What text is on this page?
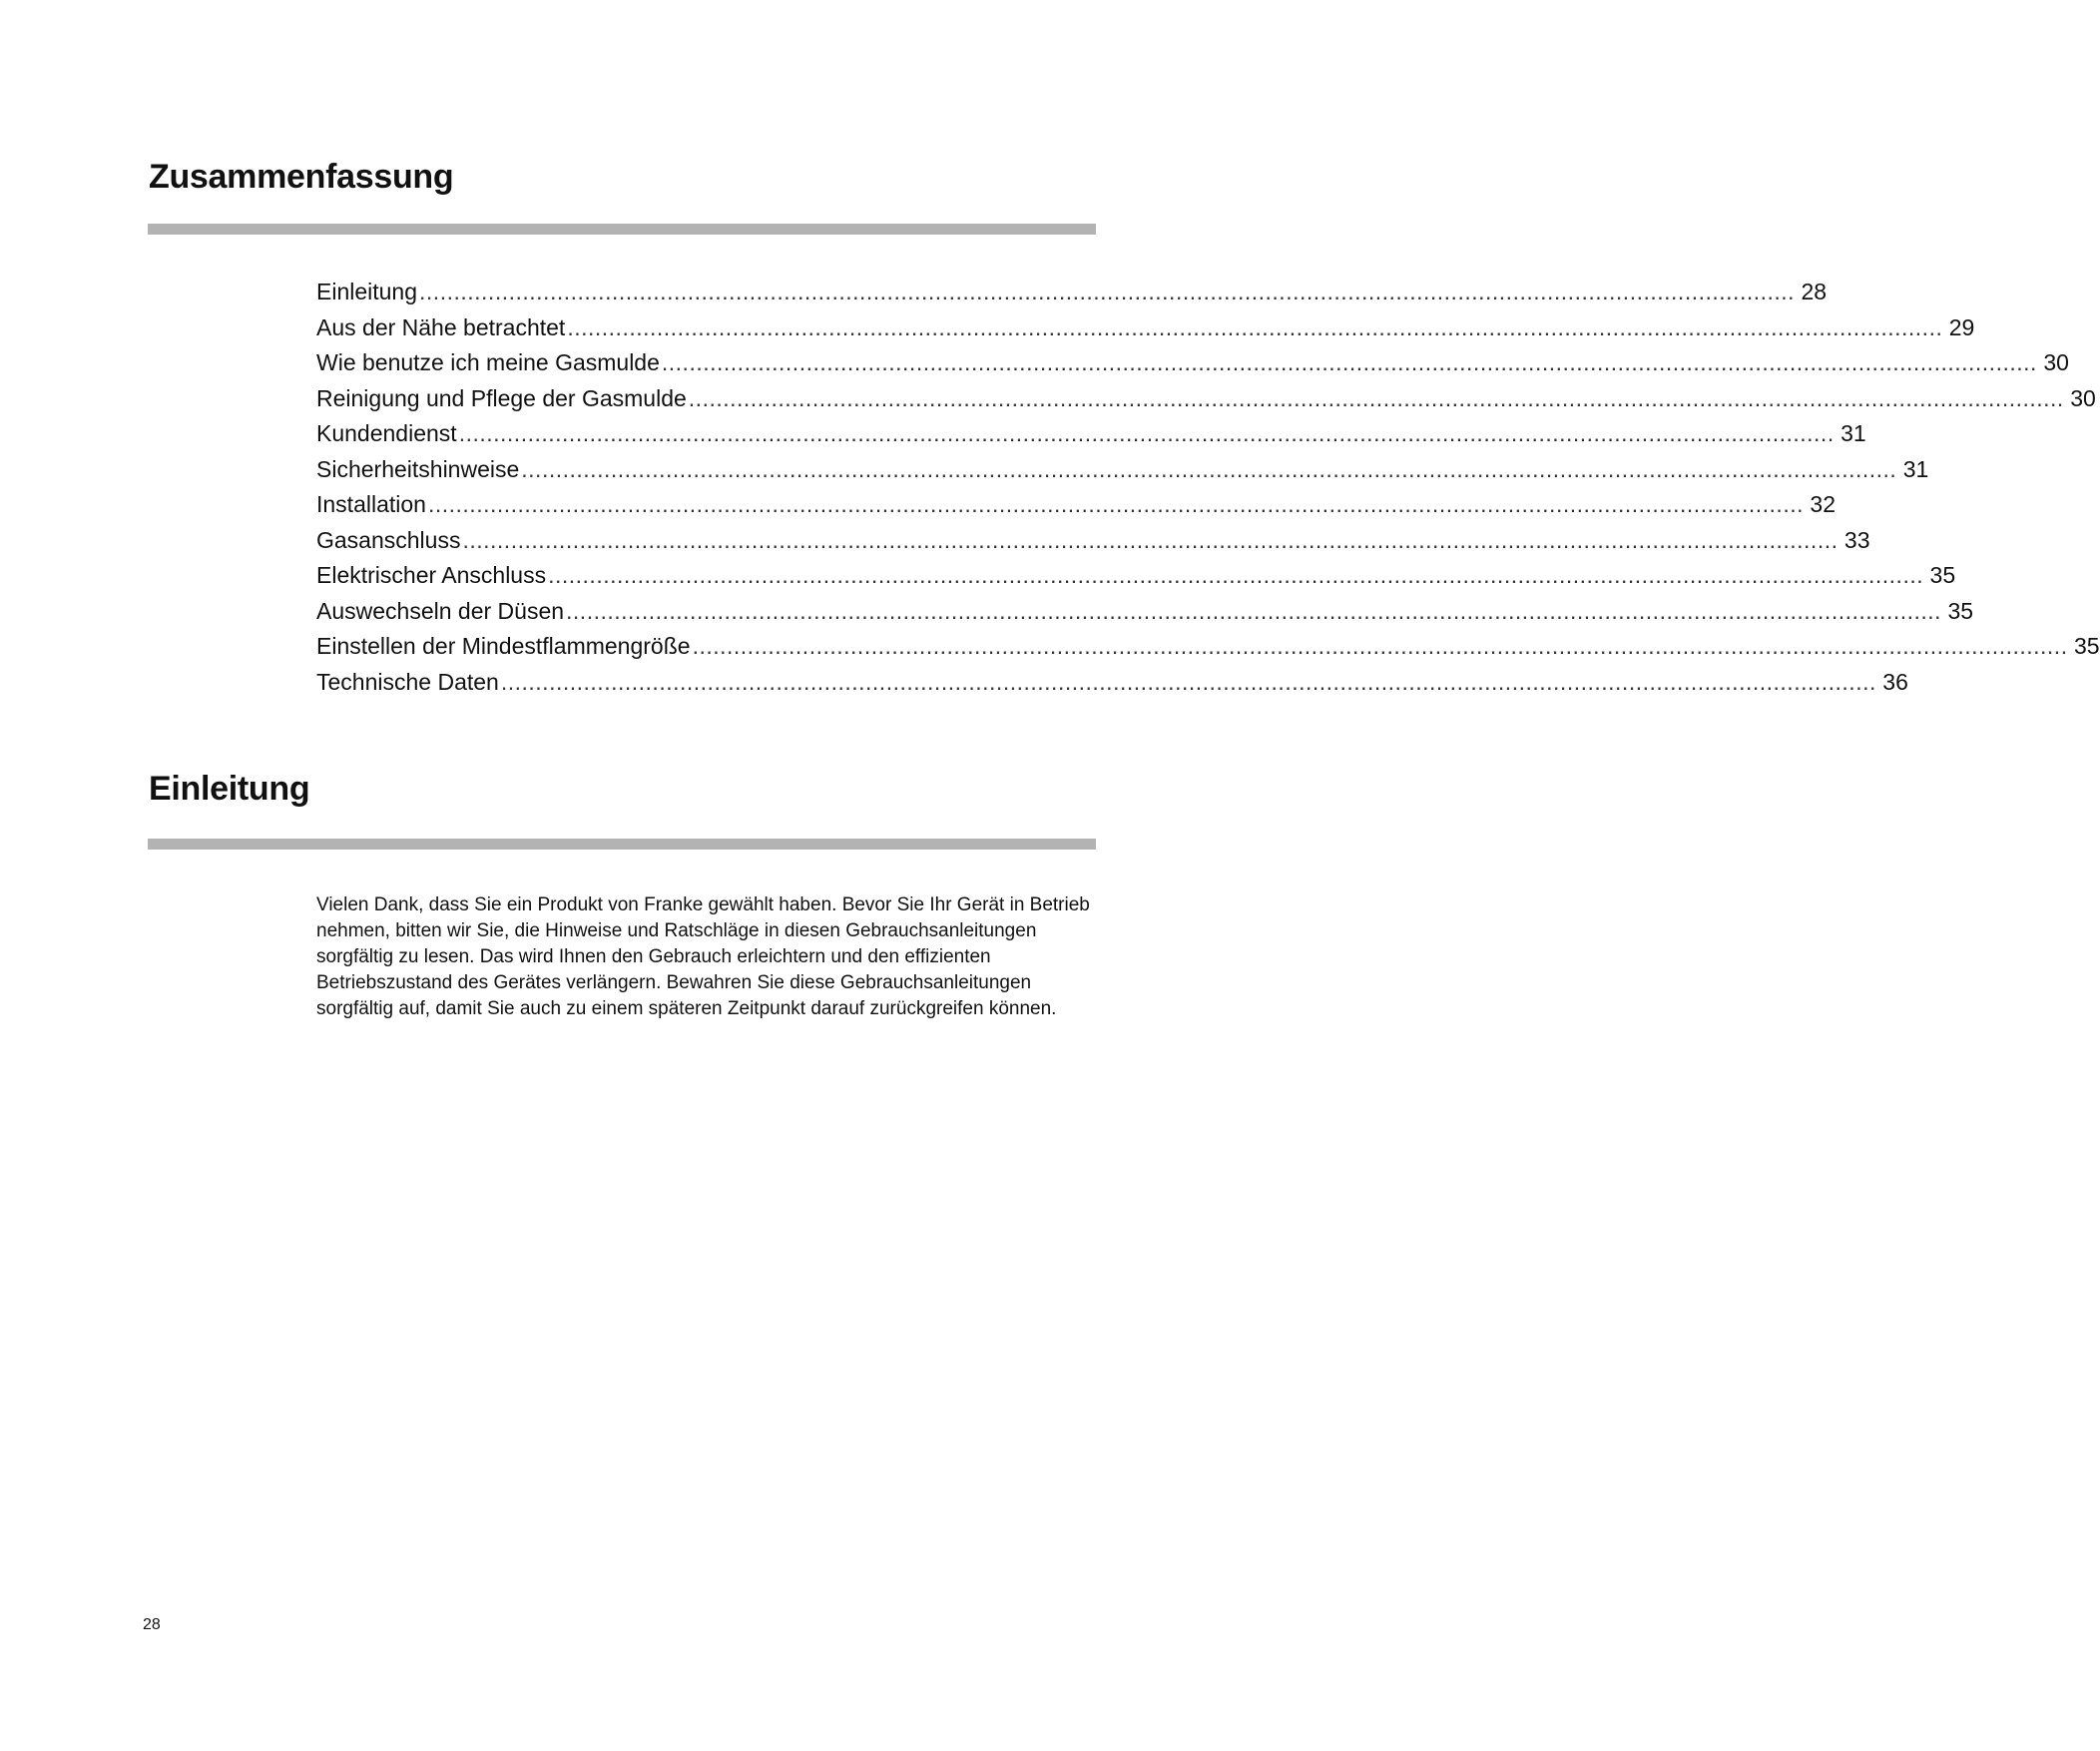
Zusammenfassung
Einleitung ........................................................................................................................................................................................................ 28
Aus der Nähe betrachtet ........................................................................................................................................................................................................ 29
Wie benutze ich meine Gasmulde ........................................................................................................................................................................................................ 30
Reinigung und Pflege der Gasmulde ........................................................................................................................................................................................................ 30
Kundendienst ........................................................................................................................................................................................................ 31
Sicherheitshinweise ........................................................................................................................................................................................................ 31
Installation ........................................................................................................................................................................................................ 32
Gasanschluss ........................................................................................................................................................................................................ 33
Elektrischer Anschluss ........................................................................................................................................................................................................ 35
Auswechseln der Düsen ........................................................................................................................................................................................................ 35
Einstellen der Mindestflammengröße ........................................................................................................................................................................................................ 35
Technische Daten ........................................................................................................................................................................................................ 36
Einleitung

Vielen Dank, dass Sie ein Produkt von Franke gewählt haben. Bevor Sie Ihr Gerät in Betrieb nehmen, bitten wir Sie, die Hinweise und Ratschläge in diesen Gebrauchsanleitungen sorgfältig zu lesen. Das wird Ihnen den Gebrauch erleichtern und den effizienten Betriebszustand des Gerätes verlängern. Bewahren Sie diese Gebrauchsanleitungen sorgfältig auf, damit Sie auch zu einem späteren Zeitpunkt darauf zurückgreifen können.

28
